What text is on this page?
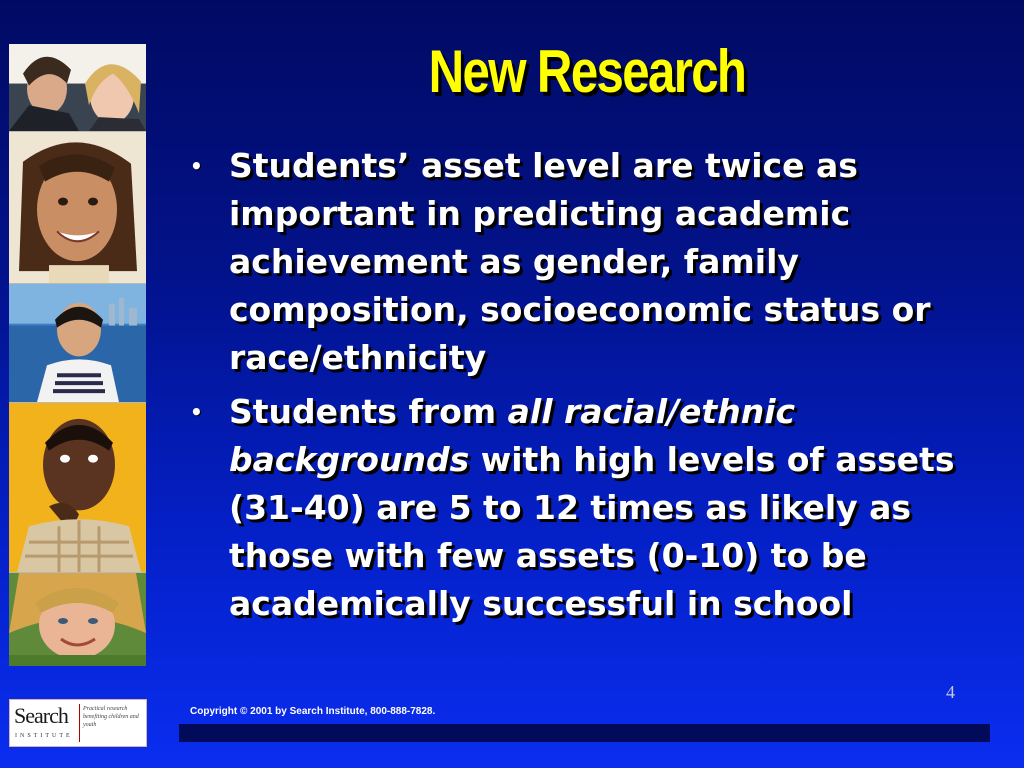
New Research
• Students’ asset level are twice as important in predicting academic achievement as gender, family composition, socioeconomic status or race/ethnicity
• Students from all racial/ethnic backgrounds with high levels of assets (31-40) are 5 to 12 times as likely as those with few assets (0-10) to be academically successful in school
4
Search
INSTITUTE
Practical research benefiting children and youth
Copyright © 2001 by Search Institute, 800-888-7828.
